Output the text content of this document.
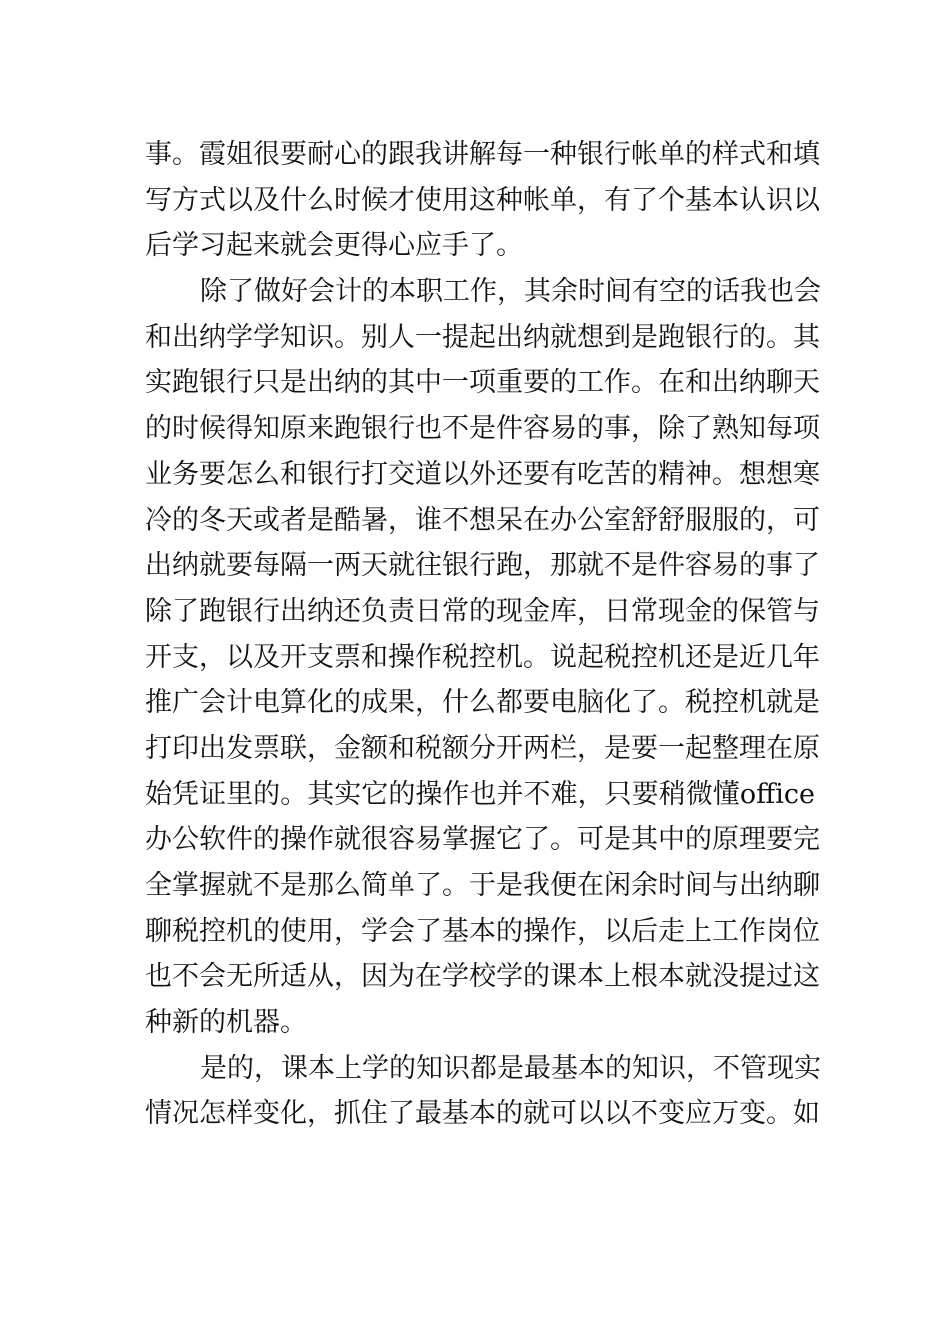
事。霞姐很要耐心的跟我讲解每一种银行帐单的样式和填
写方式以及什么时候才使用这种帐单，有了个基本认识以
后学习起来就会更得心应手了。
除了做好会计的本职工作，其余时间有空的话我也会
和出纳学学知识。别人一提起出纳就想到是跑银行的。其
实跑银行只是出纳的其中一项重要的工作。在和出纳聊天
的时候得知原来跑银行也不是件容易的事，除了熟知每项
业务要怎么和银行打交道以外还要有吃苦的精神。想想寒
冷的冬天或者是酷暑，谁不想呆在办公室舒舒服服的，可
出纳就要每隔一两天就往银行跑，那就不是件容易的事了
除了跑银行出纳还负责日常的现金库，日常现金的保管与
开支，以及开支票和操作税控机。说起税控机还是近几年
推广会计电算化的成果，什么都要电脑化了。税控机就是
打印出发票联，金额和税额分开两栏，是要一起整理在原
始凭证里的。其实它的操作也并不难，只要稍微懂office
办公软件的操作就很容易掌握它了。可是其中的原理要完
全掌握就不是那么简单了。于是我便在闲余时间与出纳聊
聊税控机的使用，学会了基本的操作，以后走上工作岗位
也不会无所适从，因为在学校学的课本上根本就没提过这
种新的机器。
是的，课本上学的知识都是最基本的知识，不管现实
情况怎样变化，抓住了最基本的就可以以不变应万变。如
